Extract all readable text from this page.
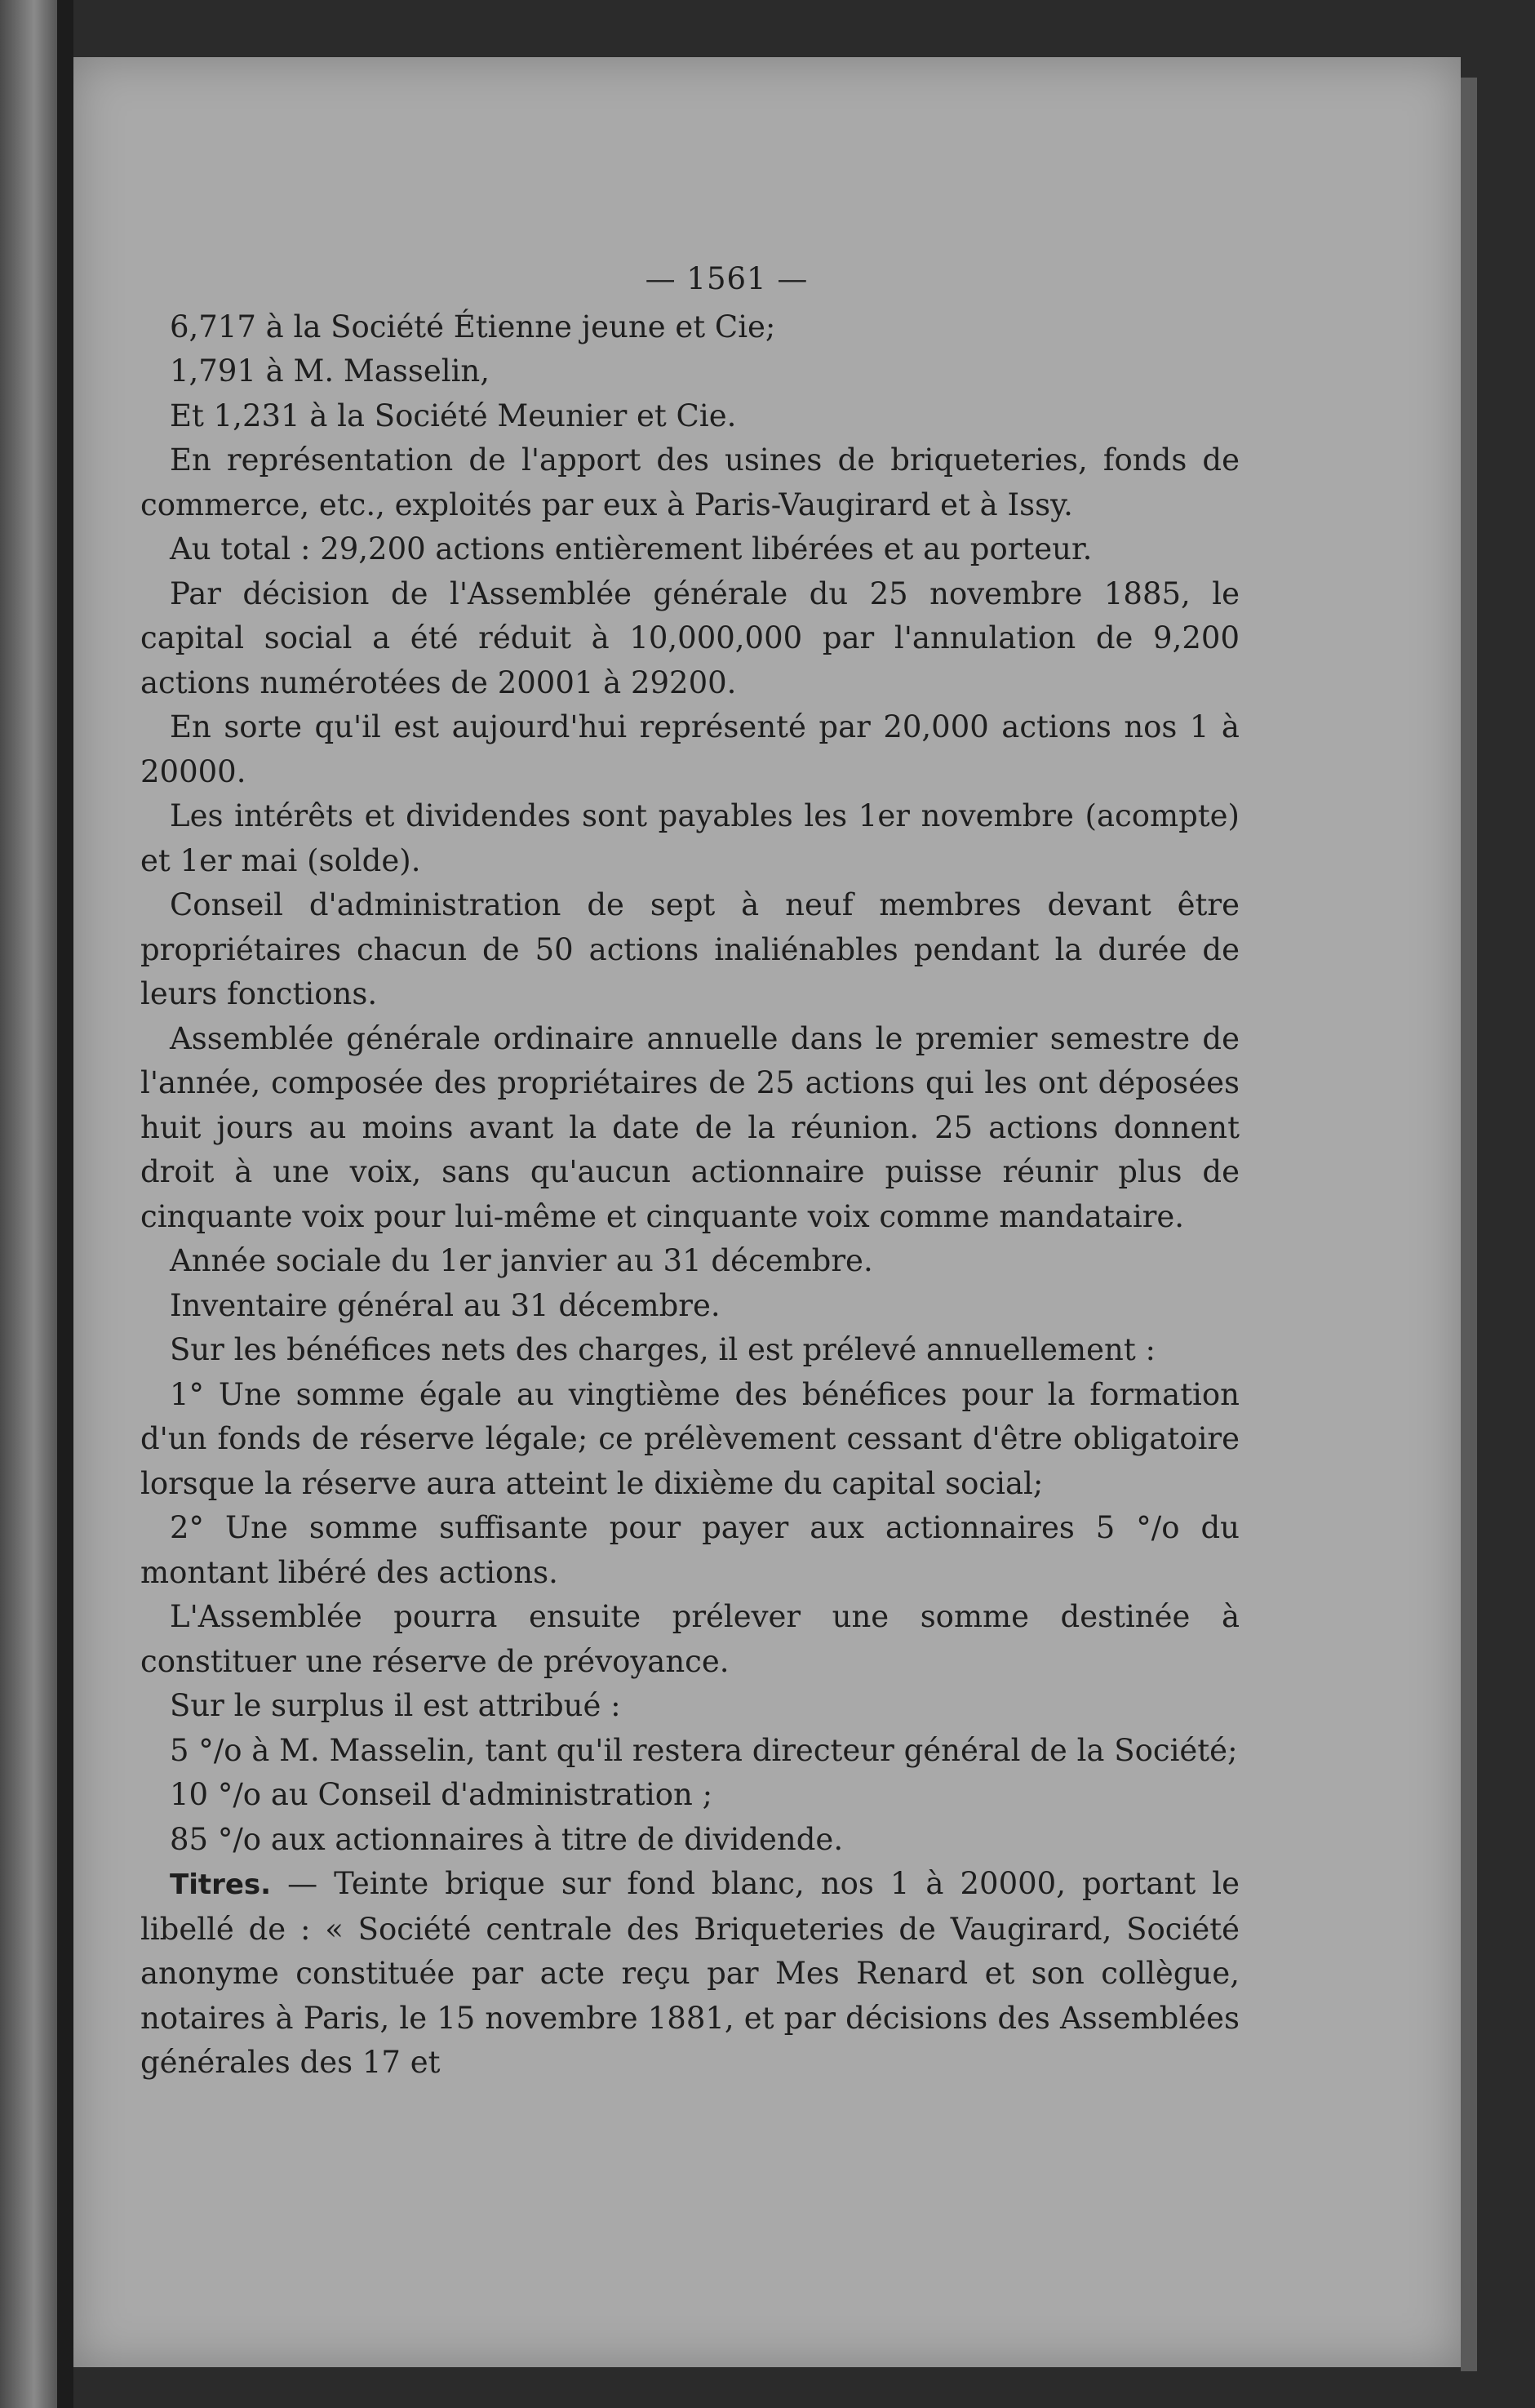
— 1561 —
6,717 à la Société Étienne jeune et Cie;
1,791 à M. Masselin,
Et 1,231 à la Société Meunier et Cie.
En représentation de l'apport des usines de briqueteries, fonds de commerce, etc., exploités par eux à Paris-Vaugirard et à Issy.
Au total : 29,200 actions entièrement libérées et au porteur.
Par décision de l'Assemblée générale du 25 novembre 1885, le capital social a été réduit à 10,000,000 par l'annulation de 9,200 actions numérotées de 20001 à 29200.
En sorte qu'il est aujourd'hui représenté par 20,000 actions nos 1 à 20000.
Les intérêts et dividendes sont payables les 1er novembre (acompte) et 1er mai (solde).
Conseil d'administration de sept à neuf membres devant être propriétaires chacun de 50 actions inaliénables pendant la durée de leurs fonctions.
Assemblée générale ordinaire annuelle dans le premier semestre de l'année, composée des propriétaires de 25 actions qui les ont déposées huit jours au moins avant la date de la réunion. 25 actions donnent droit à une voix, sans qu'aucun actionnaire puisse réunir plus de cinquante voix pour lui-même et cinquante voix comme mandataire.
Année sociale du 1er janvier au 31 décembre.
Inventaire général au 31 décembre.
Sur les bénéfices nets des charges, il est prélevé annuellement :
1° Une somme égale au vingtième des bénéfices pour la formation d'un fonds de réserve légale; ce prélèvement cessant d'être obligatoire lorsque la réserve aura atteint le dixième du capital social;
2° Une somme suffisante pour payer aux actionnaires 5 °/o du montant libéré des actions.
L'Assemblée pourra ensuite prélever une somme destinée à constituer une réserve de prévoyance.
Sur le surplus il est attribué :
5 °/o à M. Masselin, tant qu'il restera directeur général de la Société;
10 °/o au Conseil d'administration ;
85 °/o aux actionnaires à titre de dividende.
Titres. — Teinte brique sur fond blanc, nos 1 à 20000, portant le libellé de : « Société centrale des Briqueteries de Vaugirard, Société anonyme constituée par acte reçu par Mes Renard et son collègue, notaires à Paris, le 15 novembre 1881, et par décisions des Assemblées générales des 17 et
